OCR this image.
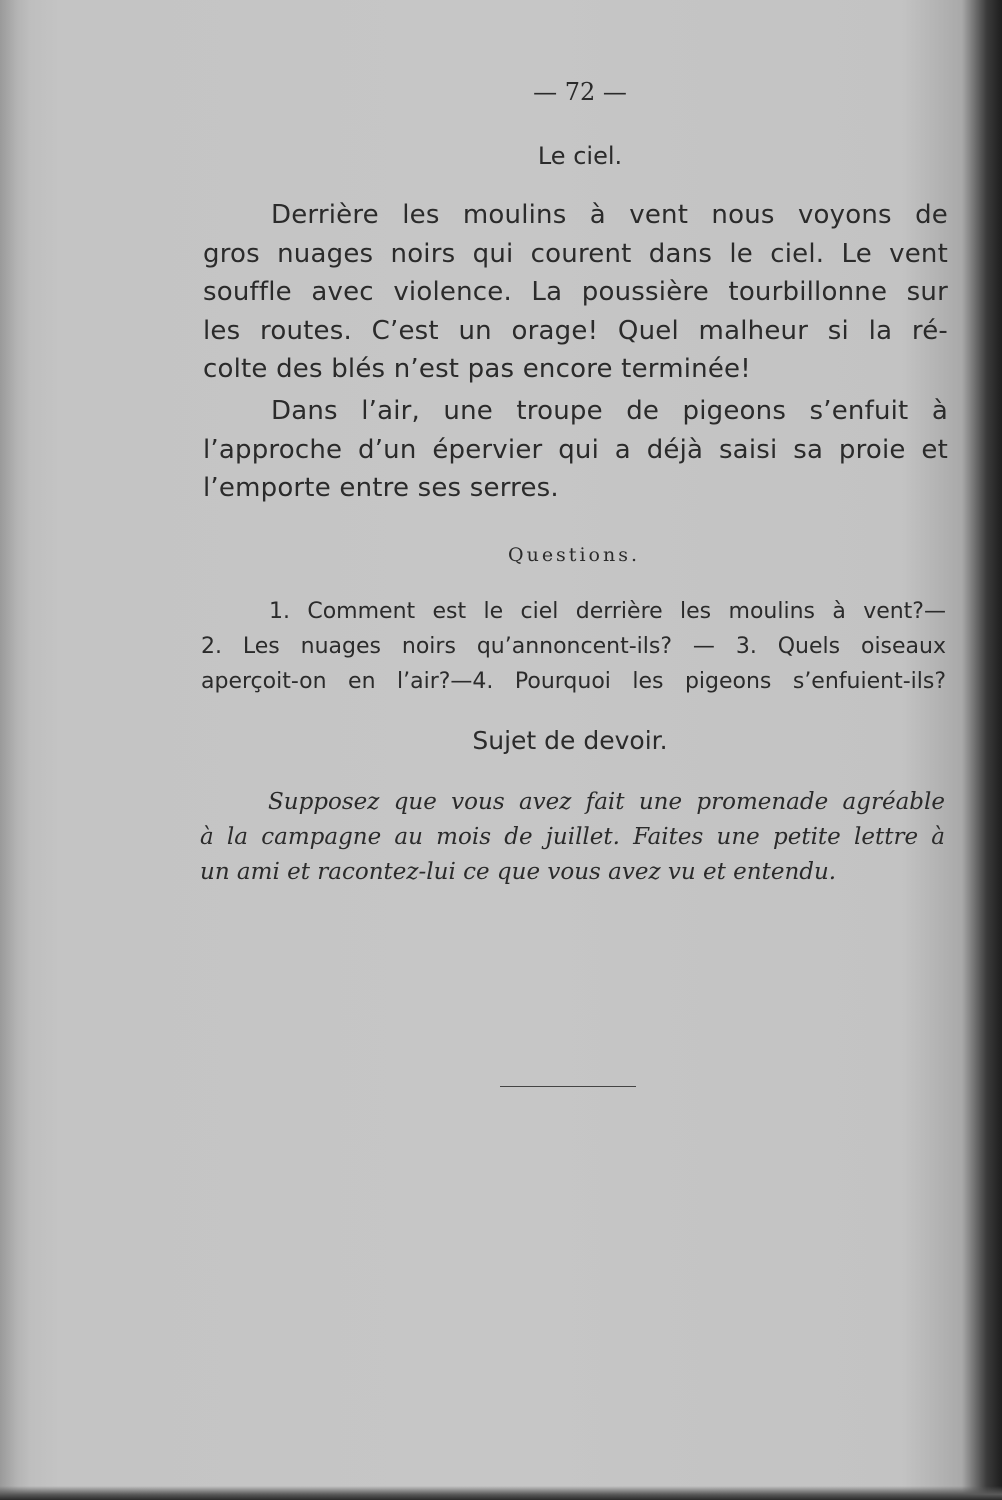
— 72 —
Le ciel.
Derrière les moulins à vent nous voyons de
gros nuages noirs qui courent dans le ciel. Le vent
souffle avec violence. La poussière tourbillonne sur
les routes. C’est un orage! Quel malheur si la ré-
colte des blés n’est pas encore terminée!
Dans l’air, une troupe de pigeons s’enfuit à
l’approche d’un épervier qui a déjà saisi sa proie et
l’emporte entre ses serres.
Questions.
1. Comment est le ciel derrière les moulins à vent?—
2. Les nuages noirs qu’annoncent-ils? — 3. Quels oiseaux
aperçoit-on en l’air?—4. Pourquoi les pigeons s’enfuient-ils?
Sujet de devoir.
Supposez que vous avez fait une promenade agréable
à la campagne au mois de juillet. Faites une petite lettre à
un ami et racontez-lui ce que vous avez vu et entendu.
